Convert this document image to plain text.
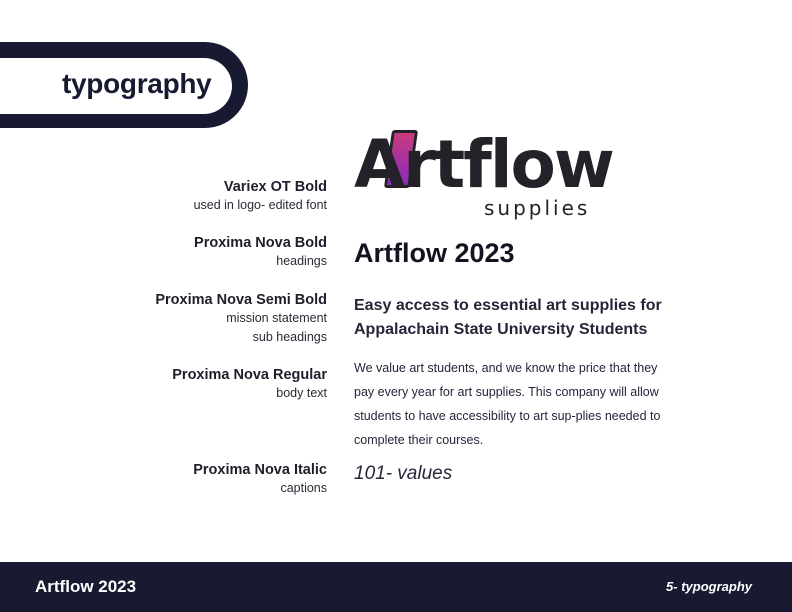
typography
Variex OT Bold
used in logo- edited font
Proxima Nova Bold
headings
Proxima Nova Semi Bold
mission statement
sub headings
Proxima Nova Regular
body text
Proxima Nova Italic
captions
Artflow
supplies
Artflow 2023
Easy access to essential art supplies for Appalachain State University Students
We value art students, and we know the price that they pay every year for art supplies. This company will allow students to have accessibility to art sup-plies needed to complete their courses.
101- values
Artflow 2023	5- typography
